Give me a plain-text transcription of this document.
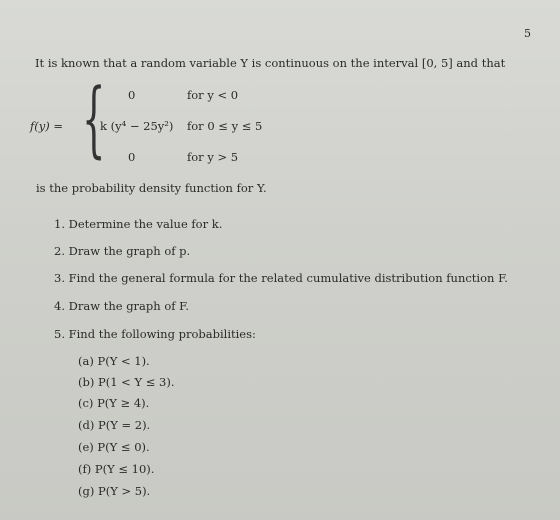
5
It is known that a random variable Y is continuous on the interval [0, 5] and that
f(y) = { 0	for y < 0
k (y⁴ − 25y²) for 0 ≤ y ≤ 5
0	for y > 5
is the probability density function for Y.
1. Determine the value for k.
2. Draw the graph of p.
3. Find the general formula for the related cumulative distribution function F.
4. Draw the graph of F.
5. Find the following probabilities:
(a) P(Y < 1).
(b) P(1 < Y ≤ 3).
(c) P(Y ≥ 4).
(d) P(Y = 2).
(e) P(Y ≤ 0).
(f) P(Y ≤ 10).
(g) P(Y > 5).
